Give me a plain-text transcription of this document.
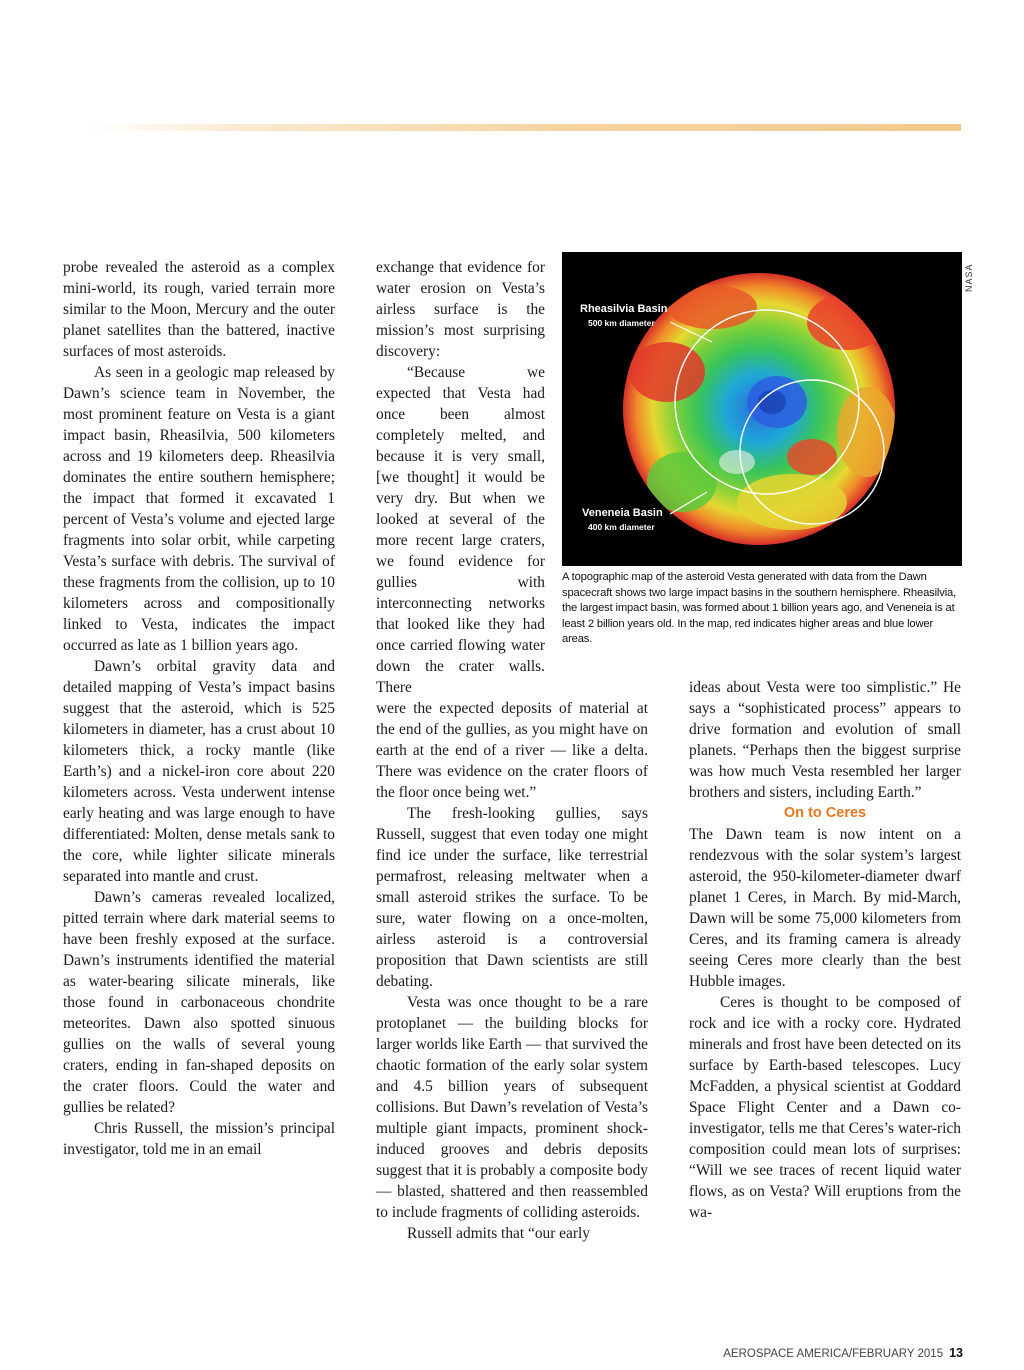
probe revealed the asteroid as a complex mini-world, its rough, varied terrain more similar to the Moon, Mercury and the outer planet satellites than the battered, inactive surfaces of most asteroids.

As seen in a geologic map released by Dawn’s science team in November, the most prominent feature on Vesta is a giant impact basin, Rheasilvia, 500 kilometers across and 19 kilometers deep. Rheasilvia dominates the entire southern hemisphere; the impact that formed it excavated 1 percent of Vesta’s volume and ejected large fragments into solar orbit, while carpeting Vesta’s surface with debris. The survival of these fragments from the collision, up to 10 kilometers across and compositionally linked to Vesta, indicates the impact occurred as late as 1 billion years ago.

Dawn’s orbital gravity data and detailed mapping of Vesta’s impact basins suggest that the asteroid, which is 525 kilometers in diameter, has a crust about 10 kilometers thick, a rocky mantle (like Earth’s) and a nickel-iron core about 220 kilometers across. Vesta underwent intense early heating and was large enough to have differentiated: Molten, dense metals sank to the core, while lighter silicate minerals separated into mantle and crust.

Dawn’s cameras revealed localized, pitted terrain where dark material seems to have been freshly exposed at the surface. Dawn’s instruments identified the material as water-bearing silicate minerals, like those found in carbonaceous chondrite meteorites. Dawn also spotted sinuous gullies on the walls of several young craters, ending in fan-shaped deposits on the crater floors. Could the water and gullies be related?

Chris Russell, the mission’s principal investigator, told me in an email

exchange that evidence for water erosion on Vesta’s airless surface is the mission’s most surprising discovery:

“Because we expected that Vesta had once been almost completely melted, and because it is very small, [we thought] it would be very dry. But when we looked at several of the more recent large craters, we found evidence for gullies with interconnecting networks that looked like they had once carried flowing water down the crater walls. There

were the expected deposits of material at the end of the gullies, as you might have on earth at the end of a river — like a delta. There was evidence on the crater floors of the floor once being wet.”

The fresh-looking gullies, says Russell, suggest that even today one might find ice under the surface, like terrestrial permafrost, releasing meltwater when a small asteroid strikes the surface. To be sure, water flowing on a once-molten, airless asteroid is a controversial proposition that Dawn scientists are still debating.

Vesta was once thought to be a rare protoplanet — the building blocks for larger worlds like Earth — that survived the chaotic formation of the early solar system and 4.5 billion years of subsequent collisions. But Dawn’s revelation of Vesta’s multiple giant impacts, prominent shock-induced grooves and debris deposits suggest that it is probably a composite body — blasted, shattered and then reassembled to include fragments of colliding asteroids.

Russell admits that “our early

Rheasilvia Basin
500 km diameter
Veneneia Basin
400 km diameter
NASA
A topographic map of the asteroid Vesta generated with data from the Dawn spacecraft shows two large impact basins in the southern hemisphere. Rheasilvia, the largest impact basin, was formed about 1 billion years ago, and Veneneia is at least 2 billion years old. In the map, red indicates higher areas and blue lower areas.

ideas about Vesta were too simplistic.” He says a “sophisticated process” appears to drive formation and evolution of small planets. “Perhaps then the biggest surprise was how much Vesta resembled her larger brothers and sisters, including Earth.”

On to Ceres

The Dawn team is now intent on a rendezvous with the solar system’s largest asteroid, the 950-kilometer-diameter dwarf planet 1 Ceres, in March. By mid-March, Dawn will be some 75,000 kilometers from Ceres, and its framing camera is already seeing Ceres more clearly than the best Hubble images.

Ceres is thought to be composed of rock and ice with a rocky core. Hydrated minerals and frost have been detected on its surface by Earth-based telescopes. Lucy McFadden, a physical scientist at Goddard Space Flight Center and a Dawn co-investigator, tells me that Ceres’s water-rich composition could mean lots of surprises: “Will we see traces of recent liquid water flows, as on Vesta? Will eruptions from the wa-

AEROSPACE AMERICA/FEBRUARY 2015 13
